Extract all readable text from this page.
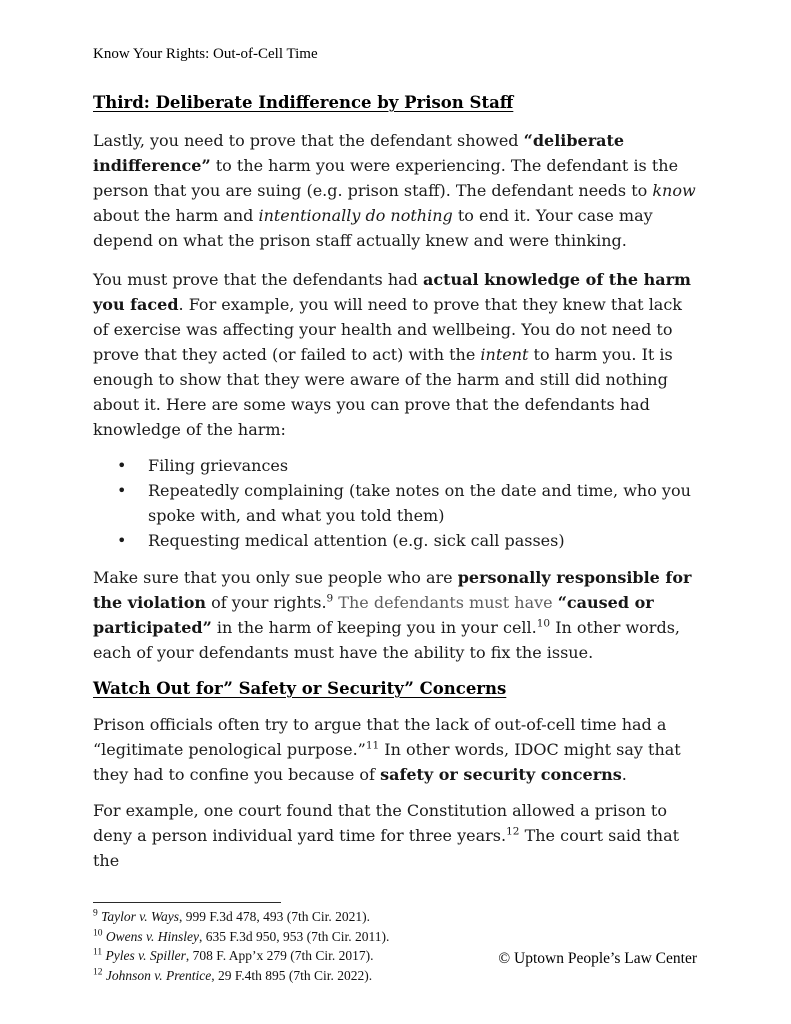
Know Your Rights: Out-of-Cell Time
Third: Deliberate Indifference by Prison Staff

Lastly, you need to prove that the defendant showed “deliberate indifference” to the harm you were experiencing. The defendant is the person that you are suing (e.g. prison staff). The defendant needs to know about the harm and intentionally do nothing to end it. Your case may depend on what the prison staff actually knew and were thinking.

You must prove that the defendants had actual knowledge of the harm you faced. For example, you will need to prove that they knew that lack of exercise was affecting your health and wellbeing. You do not need to prove that they acted (or failed to act) with the intent to harm you. It is enough to show that they were aware of the harm and still did nothing about it. Here are some ways you can prove that the defendants had knowledge of the harm:

• Filing grievances
• Repeatedly complaining (take notes on the date and time, who you spoke with, and what you told them)
• Requesting medical attention (e.g. sick call passes)

Make sure that you only sue people who are personally responsible for the violation of your rights.$^9$ The defendants must have “caused or participated” in the harm of keeping you in your cell.$^{10}$ In other words, each of your defendants must have the ability to fix the issue.

Watch Out for” Safety or Security” Concerns

Prison officials often try to argue that the lack of out-of-cell time had a “legitimate penological purpose.”$^{11}$ In other words, IDOC might say that they had to confine you because of safety or security concerns.

For example, one court found that the Constitution allowed a prison to deny a person individual yard time for three years.$^{12}$ The court said that the

$^9$ Taylor v. Ways, 999 F.3d 478, 493 (7th Cir. 2021).

$^{10}$ Owens v. Hinsley, 635 F.3d 950, 953 (7th Cir. 2011).

$^{11}$ Pyles v. Spiller, 708 F. App’x 279 (7th Cir. 2017).

$^{12}$ Johnson v. Prentice, 29 F.4th 895 (7th Cir. 2022).

© Uptown People’s Law Center
